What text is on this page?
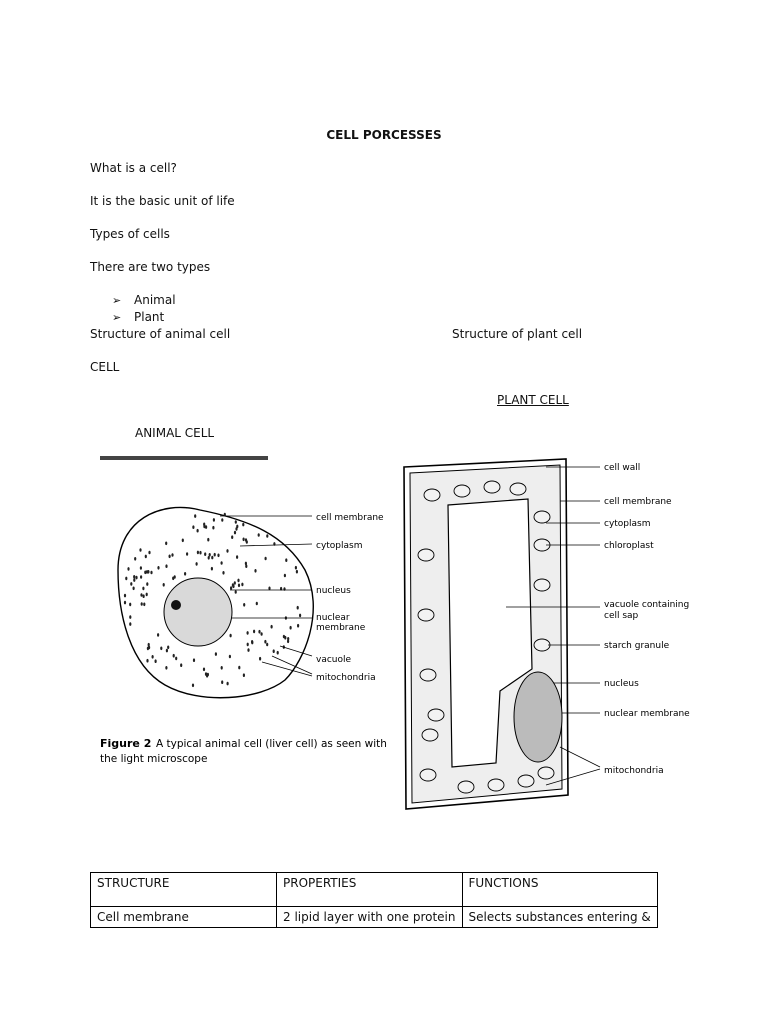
CELL PORCESSES
What is a cell?
It is the basic unit of life
Types of cells
There are two types
➢ Animal
➢ Plant
Structure of animal cell	Structure of plant cell
CELL
PLANT CELL
ANIMAL CELL
cell membrane
cytoplasm
nucleus
nuclear
membrane
vacuole
mitochondria
Figure 2 A typical animal cell (liver cell) as seen with
the light microscope
cell wall
cell membrane
cytoplasm
chloroplast
vacuole containing
cell sap
starch granule
nucleus
nuclear membrane
mitochondria
STRUCTURE	PROPERTIES	FUNCTIONS
Cell membrane	2 lipid layer with one protein	Selects substances entering &
